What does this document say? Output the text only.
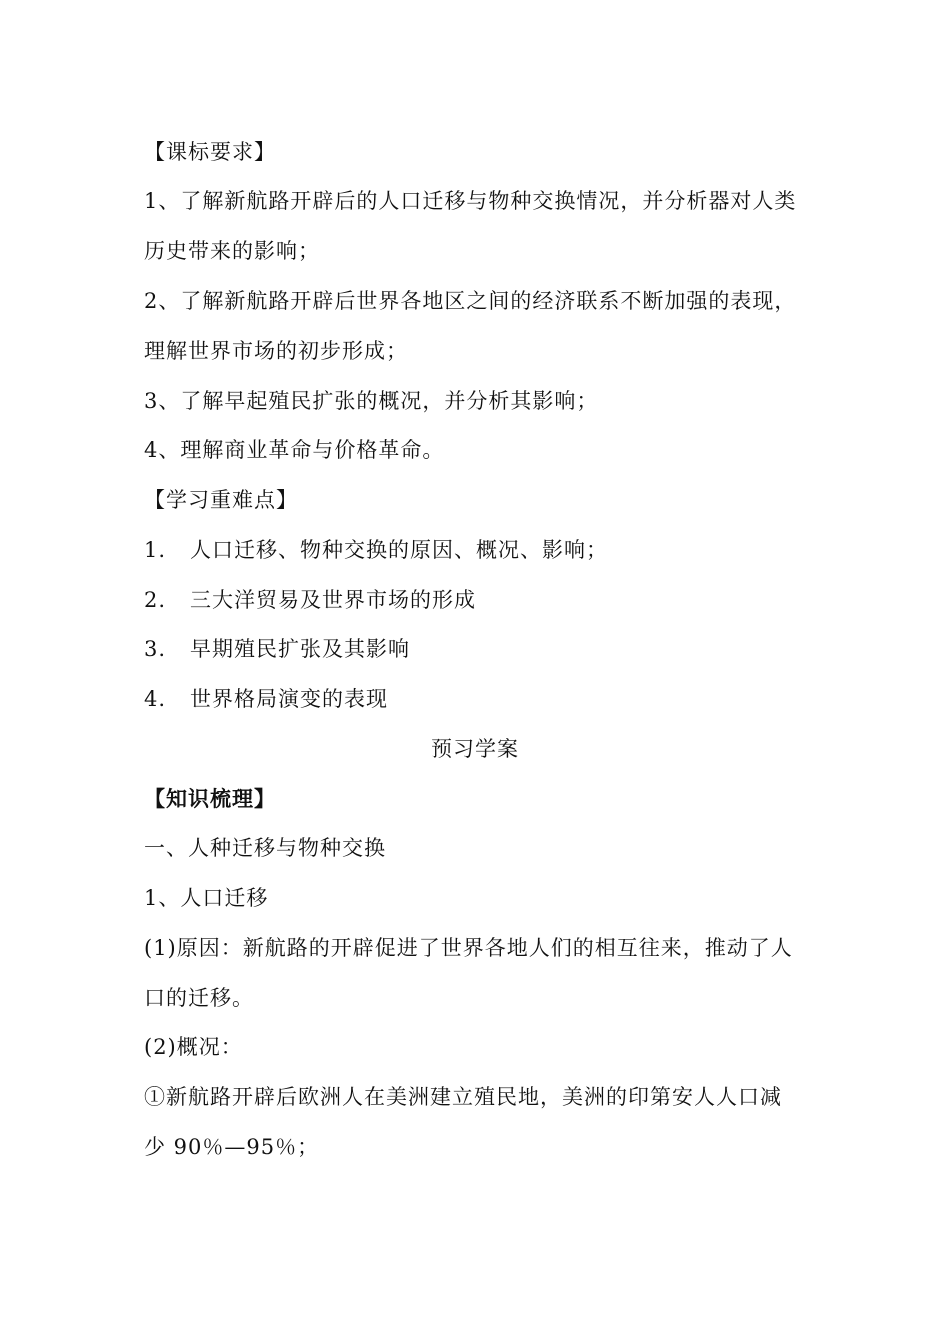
【课标要求】
1、了解新航路开辟后的人口迁移与物种交换情况，并分析器对人类
历史带来的影响；
2、了解新航路开辟后世界各地区之间的经济联系不断加强的表现，
理解世界市场的初步形成；
3、了解早起殖民扩张的概况，并分析其影响；
4、理解商业革命与价格革命。
【学习重难点】
1. 人口迁移、物种交换的原因、概况、影响；
2. 三大洋贸易及世界市场的形成
3. 早期殖民扩张及其影响
4. 世界格局演变的表现
预习学案
【知识梳理】
一、人种迁移与物种交换
1、人口迁移
(1)原因：新航路的开辟促进了世界各地人们的相互往来，推动了人
口的迁移。
(2)概况：
①新航路开辟后欧洲人在美洲建立殖民地，美洲的印第安人人口减
少 90％—95％；
